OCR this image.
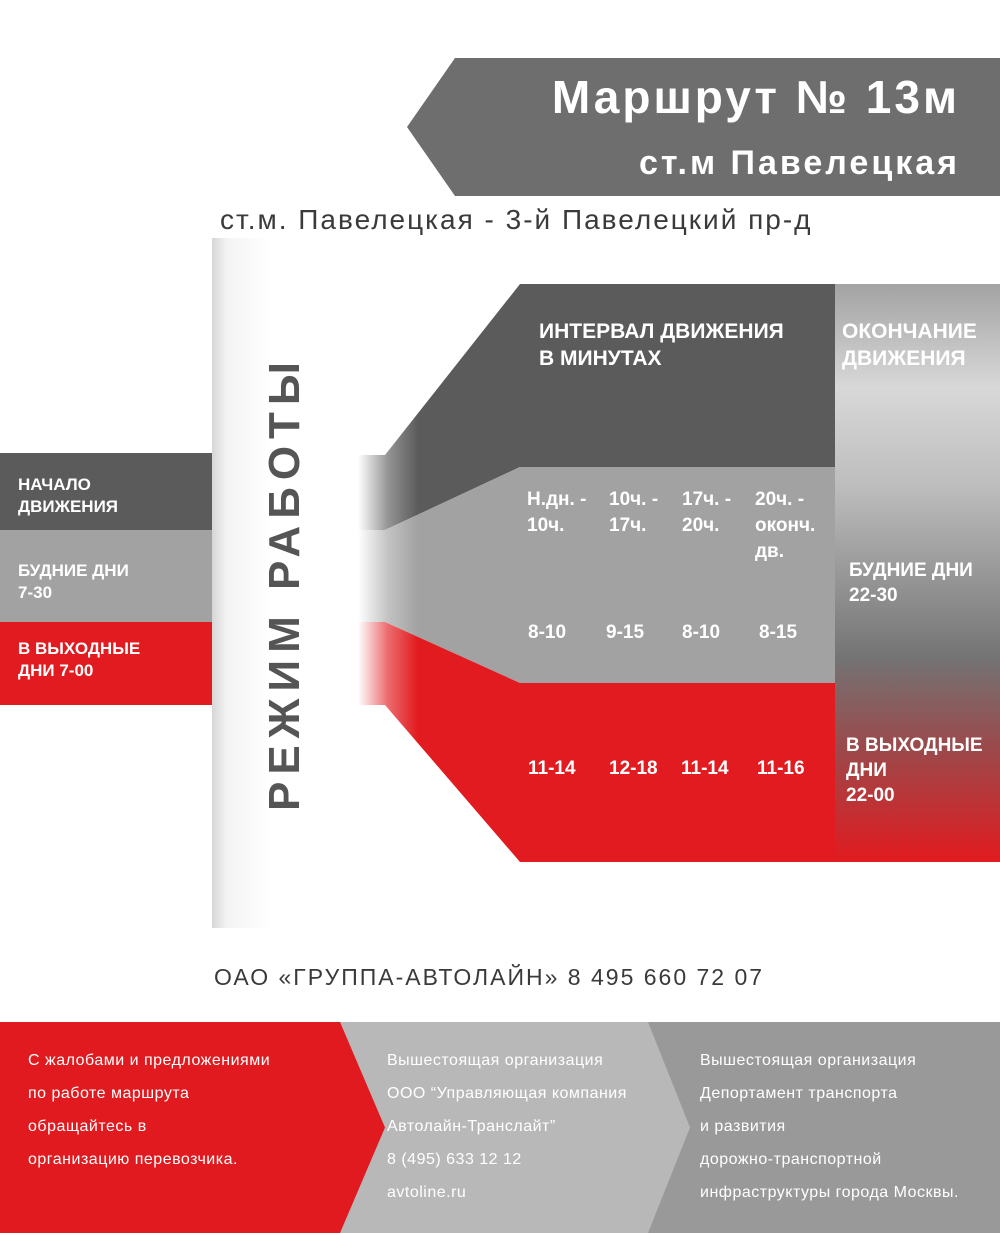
Маршрут № 13м
ст.м Павелецкая
ст.м. Павелецкая - 3-й Павелецкий пр-д
НАЧАЛО
ДВИЖЕНИЯ
БУДНИЕ ДНИ
7-30
В ВЫХОДНЫЕ
ДНИ 7-00	РЕЖИМ РАБОТЫ
ИНТЕРВАЛ ДВИЖЕНИЯ
В МИНУТАХ
ОКОНЧАНИЕ
ДВИЖЕНИЯ
Н.дн. -
10ч.
10ч. -
17ч.
17ч. -
20ч.
20ч. -
оконч.
дв.
8-10 9-15 8-10 8-15
11-14 12-18 11-14 11-16
БУДНИЕ ДНИ
22-30
В ВЫХОДНЫЕ
ДНИ
22-00
ОАО «ГРУППА-АВТОЛАЙН» 8 495 660 72 07
С жалобами и предложениями
по работе маршрута
обращайтесь в
организацию перевозчика.
Вышестоящая организация
ООО “Управляющая компания
Автолайн-Транслайт”
8 (495) 633 12 12
avtoline.ru
Вышестоящая организация
Депортамент транспорта
и развития
дорожно-транспортной
инфраструктуры города Москвы.
